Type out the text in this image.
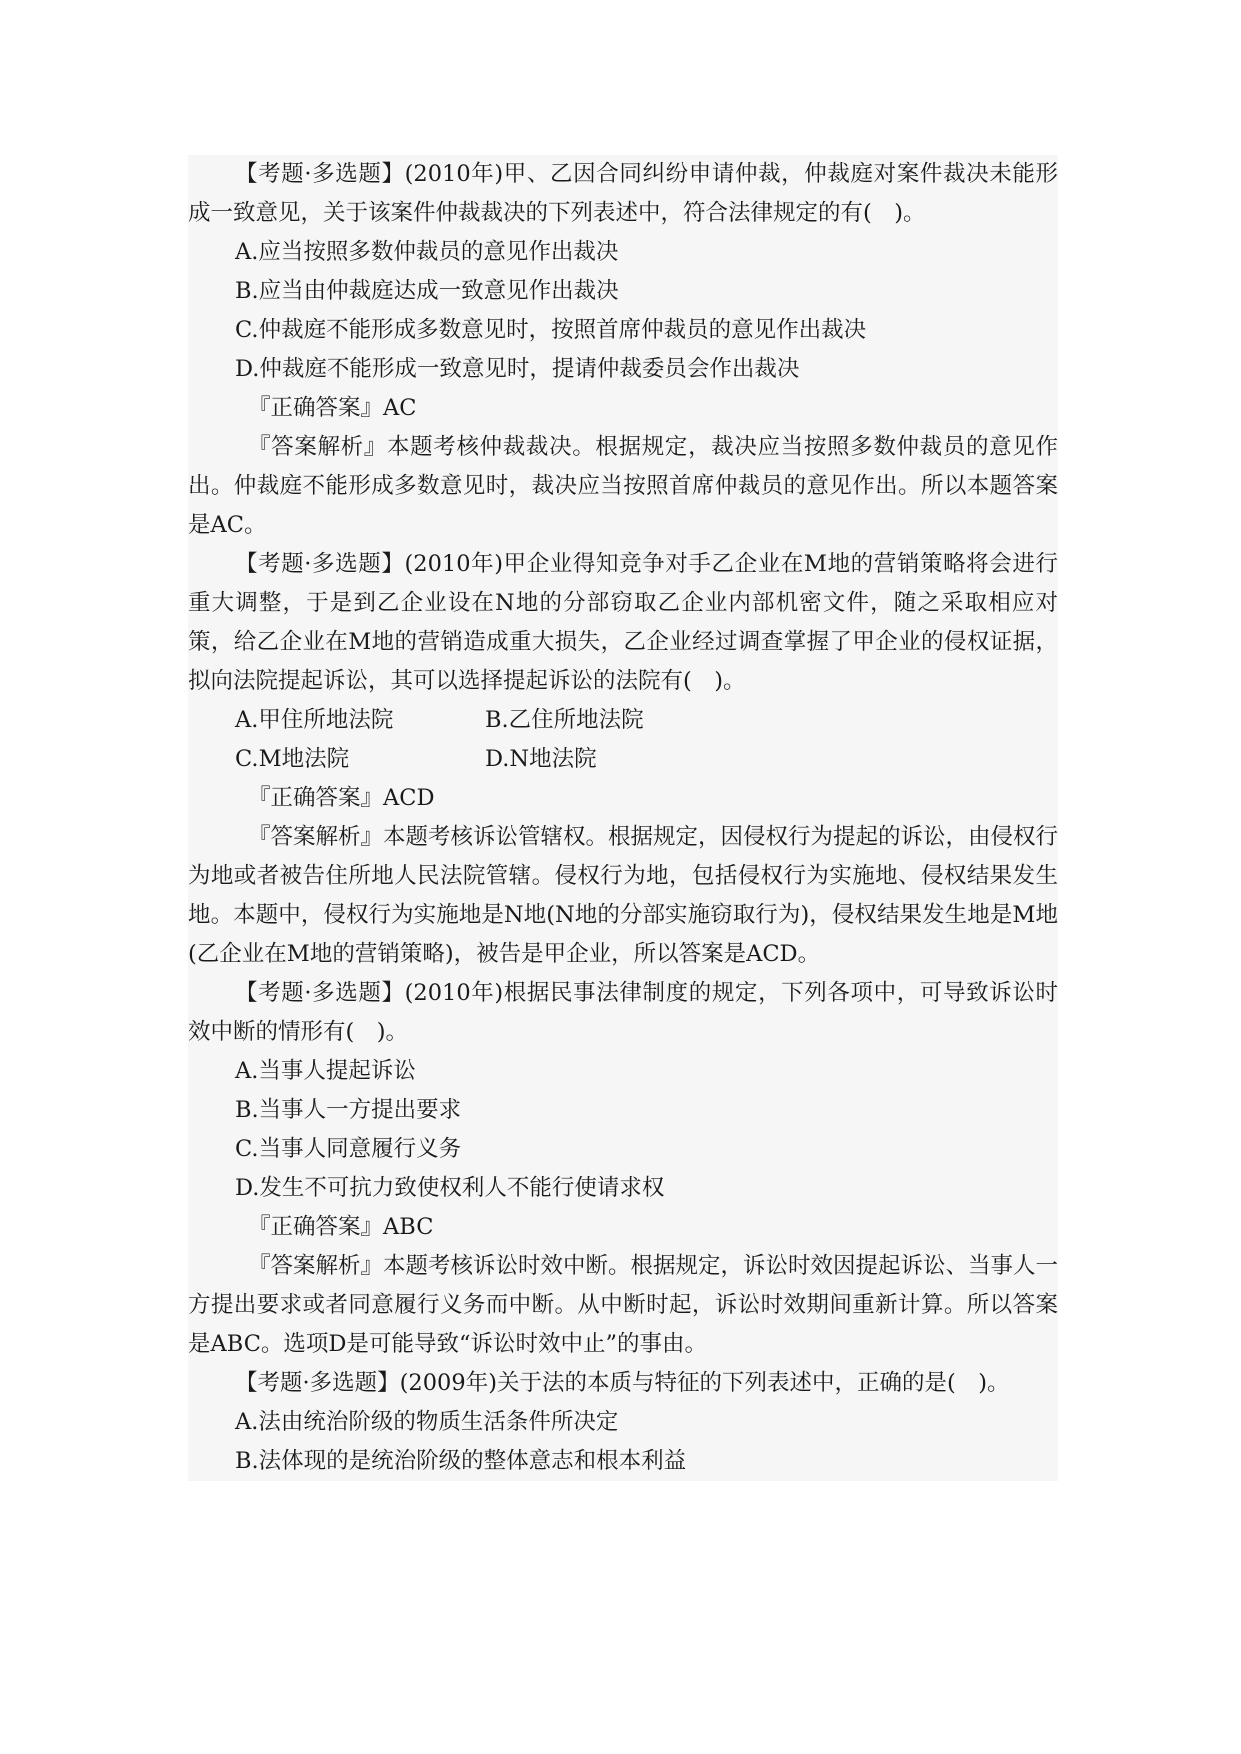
【考题·多选题】(2010年)甲、乙因合同纠纷申请仲裁，仲裁庭对案件裁决未能形成一致意见，关于该案件仲裁裁决的下列表述中，符合法律规定的有(　)。

A.应当按照多数仲裁员的意见作出裁决

B.应当由仲裁庭达成一致意见作出裁决

C.仲裁庭不能形成多数意见时，按照首席仲裁员的意见作出裁决

D.仲裁庭不能形成一致意见时，提请仲裁委员会作出裁决

『正确答案』AC

『答案解析』本题考核仲裁裁决。根据规定，裁决应当按照多数仲裁员的意见作出。仲裁庭不能形成多数意见时，裁决应当按照首席仲裁员的意见作出。所以本题答案是AC。

【考题·多选题】(2010年)甲企业得知竞争对手乙企业在M地的营销策略将会进行重大调整，于是到乙企业设在N地的分部窃取乙企业内部机密文件，随之采取相应对策，给乙企业在M地的营销造成重大损失，乙企业经过调查掌握了甲企业的侵权证据，拟向法院提起诉讼，其可以选择提起诉讼的法院有(　)。

A.甲住所地法院	B.乙住所地法院
C.M地法院	D.N地法院

『正确答案』ACD

『答案解析』本题考核诉讼管辖权。根据规定，因侵权行为提起的诉讼，由侵权行为地或者被告住所地人民法院管辖。侵权行为地，包括侵权行为实施地、侵权结果发生地。本题中，侵权行为实施地是N地(N地的分部实施窃取行为)，侵权结果发生地是M地(乙企业在M地的营销策略)，被告是甲企业，所以答案是ACD。

【考题·多选题】(2010年)根据民事法律制度的规定，下列各项中，可导致诉讼时效中断的情形有(　)。

A.当事人提起诉讼

B.当事人一方提出要求

C.当事人同意履行义务

D.发生不可抗力致使权利人不能行使请求权

『正确答案』ABC

『答案解析』本题考核诉讼时效中断。根据规定，诉讼时效因提起诉讼、当事人一方提出要求或者同意履行义务而中断。从中断时起，诉讼时效期间重新计算。所以答案是ABC。选项D是可能导致“诉讼时效中止”的事由。

【考题·多选题】(2009年)关于法的本质与特征的下列表述中，正确的是(　)。

A.法由统治阶级的物质生活条件所决定

B.法体现的是统治阶级的整体意志和根本利益
